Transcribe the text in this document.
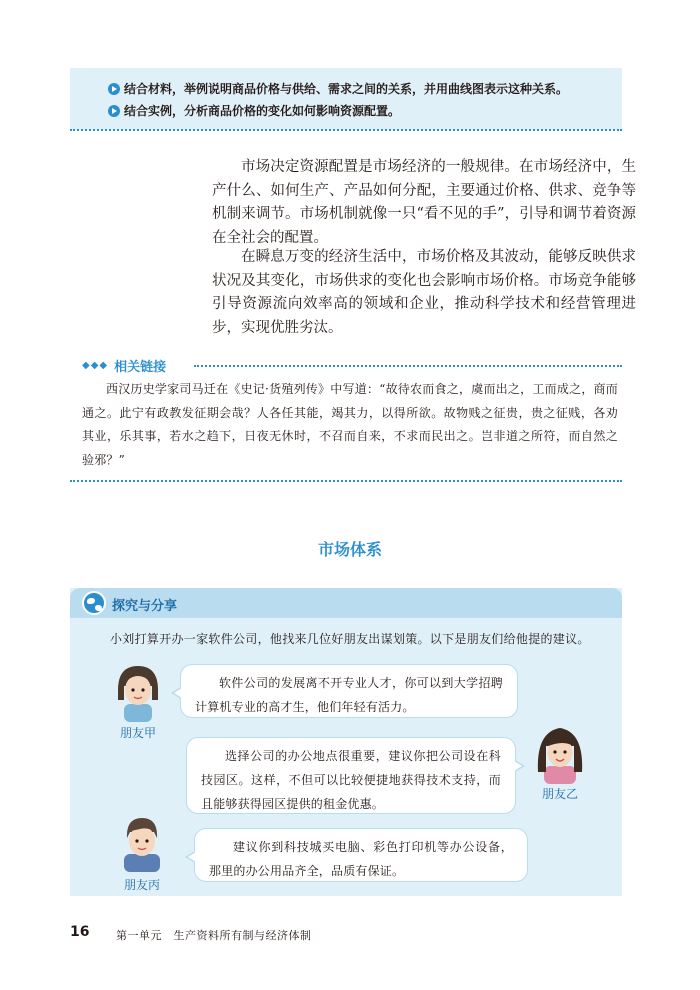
结合材料，举例说明商品价格与供给、需求之间的关系，并用曲线图表示这种关系。
结合实例，分析商品价格的变化如何影响资源配置。

市场决定资源配置是市场经济的一般规律。在市场经济中，生产什么、如何生产、产品如何分配，主要通过价格、供求、竞争等机制来调节。市场机制就像一只“看不见的手”，引导和调节着资源在全社会的配置。

在瞬息万变的经济生活中，市场价格及其波动，能够反映供求状况及其变化，市场供求的变化也会影响市场价格。市场竞争能够引导资源流向效率高的领域和企业，推动科学技术和经营管理进步，实现优胜劣汰。

◆◆◆ 相关链接

西汉历史学家司马迁在《史记·货殖列传》中写道：“故待农而食之，虞而出之，工而成之，商而通之。此宁有政教发征期会哉？人各任其能，竭其力，以得所欲。故物贱之征贵，贵之征贱，各劝其业，乐其事，若水之趋下，日夜无休时，不召而自来，不求而民出之。岂非道之所符，而自然之验邪？”

市场体系
探究与分享

小刘打算开办一家软件公司，他找来几位好朋友出谋划策。以下是朋友们给他提的建议。

朋友甲
软件公司的发展离不开专业人才，你可以到大学招聘计算机专业的高才生，他们年轻有活力。
选择公司的办公地点很重要，建议你把公司设在科技园区。这样，不但可以比较便捷地获得技术支持，而且能够获得园区提供的租金优惠。
朋友乙
朋友丙
建议你到科技城买电脑、彩色打印机等办公设备，那里的办公用品齐全，品质有保证。
16 第一单元　生产资料所有制与经济体制
